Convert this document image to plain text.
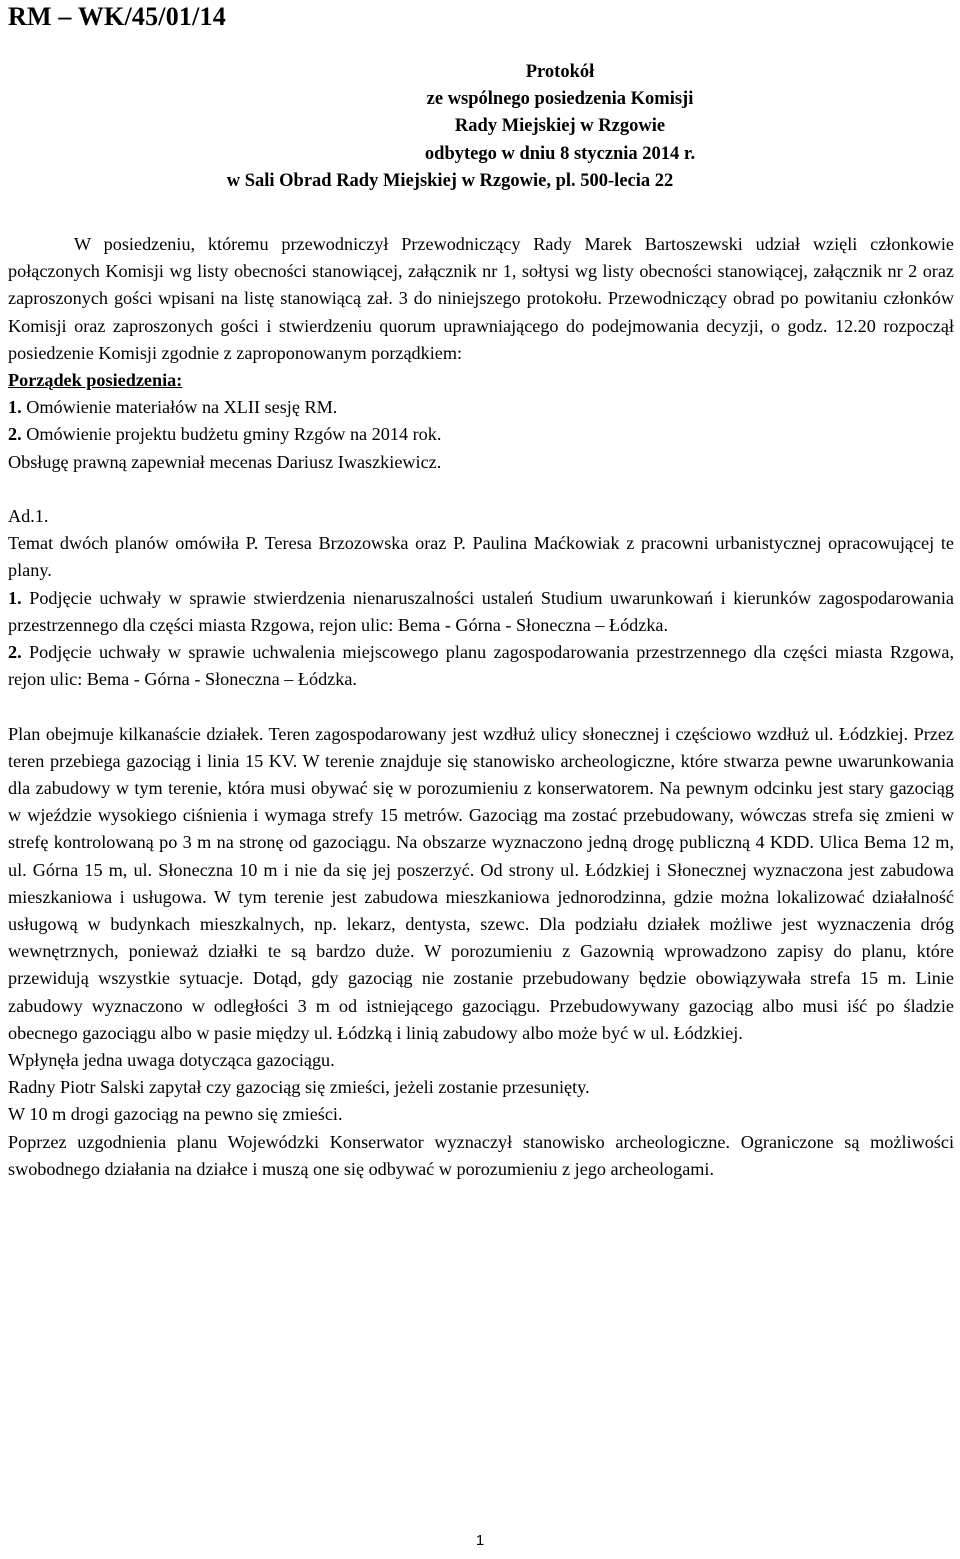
RM – WK/45/01/14
Protokół
ze wspólnego posiedzenia Komisji
Rady Miejskiej w Rzgowie
odbytego w dniu 8 stycznia 2014 r.
w Sali Obrad Rady Miejskiej w Rzgowie, pl. 500-lecia 22

W posiedzeniu, któremu przewodniczył Przewodniczący Rady Marek Bartoszewski udział wzięli członkowie połączonych Komisji wg listy obecności stanowiącej, załącznik nr 1, sołtysi wg listy obecności stanowiącej, załącznik nr 2 oraz zaproszonych gości wpisani na listę stanowiącą zał. 3 do niniejszego protokołu. Przewodniczący obrad po powitaniu członków Komisji oraz zaproszonych gości i stwierdzeniu quorum uprawniającego do podejmowania decyzji, o godz. 12.20 rozpoczął posiedzenie Komisji zgodnie z zaproponowanym porządkiem:

Porządek posiedzenia:

1. Omówienie materiałów na XLII sesję RM.

2. Omówienie projektu budżetu gminy Rzgów na 2014 rok.

Obsługę prawną zapewniał mecenas Dariusz Iwaszkiewicz.

Ad.1.

Temat dwóch planów omówiła P. Teresa Brzozowska oraz P. Paulina Maćkowiak z pracowni urbanistycznej opracowującej te plany.

1. Podjęcie uchwały w sprawie stwierdzenia nienaruszalności ustaleń Studium uwarunkowań i kierunków zagospodarowania przestrzennego dla części miasta Rzgowa, rejon ulic: Bema - Górna - Słoneczna – Łódzka.

2. Podjęcie uchwały w sprawie uchwalenia miejscowego planu zagospodarowania przestrzennego dla części miasta Rzgowa, rejon ulic: Bema - Górna - Słoneczna – Łódzka.

Plan obejmuje kilkanaście działek. Teren zagospodarowany jest wzdłuż ulicy słonecznej i częściowo wzdłuż ul. Łódzkiej. Przez teren przebiega gazociąg i linia 15 KV. W terenie znajduje się stanowisko archeologiczne, które stwarza pewne uwarunkowania dla zabudowy w tym terenie, która musi obywać się w porozumieniu z konserwatorem. Na pewnym odcinku jest stary gazociąg w wjeździe wysokiego ciśnienia i wymaga strefy 15 metrów. Gazociąg ma zostać przebudowany, wówczas strefa się zmieni w strefę kontrolowaną po 3 m na stronę od gazociągu. Na obszarze wyznaczono jedną drogę publiczną 4 KDD. Ulica Bema 12 m, ul. Górna 15 m, ul. Słoneczna 10 m i nie da się jej poszerzyć. Od strony ul. Łódzkiej i Słonecznej wyznaczona jest zabudowa mieszkaniowa i usługowa. W tym terenie jest zabudowa mieszkaniowa jednorodzinna, gdzie można lokalizować działalność usługową w budynkach mieszkalnych, np. lekarz, dentysta, szewc. Dla podziału działek możliwe jest wyznaczenia dróg wewnętrznych, ponieważ działki te są bardzo duże. W porozumieniu z Gazownią wprowadzono zapisy do planu, które przewidują wszystkie sytuacje. Dotąd, gdy gazociąg nie zostanie przebudowany będzie obowiązywała strefa 15 m. Linie zabudowy wyznaczono w odległości 3 m od istniejącego gazociągu. Przebudowywany gazociąg albo musi iść po śladzie obecnego gazociągu albo w pasie między ul. Łódzką i linią zabudowy albo może być w ul. Łódzkiej.

Wpłynęła jedna uwaga dotycząca gazociągu.

Radny Piotr Salski zapytał czy gazociąg się zmieści, jeżeli zostanie przesunięty.

W 10 m drogi gazociąg na pewno się zmieści.

Poprzez uzgodnienia planu Wojewódzki Konserwator wyznaczył stanowisko archeologiczne. Ograniczone są możliwości swobodnego działania na działce i muszą one się odbywać w porozumieniu z jego archeologami.

1
